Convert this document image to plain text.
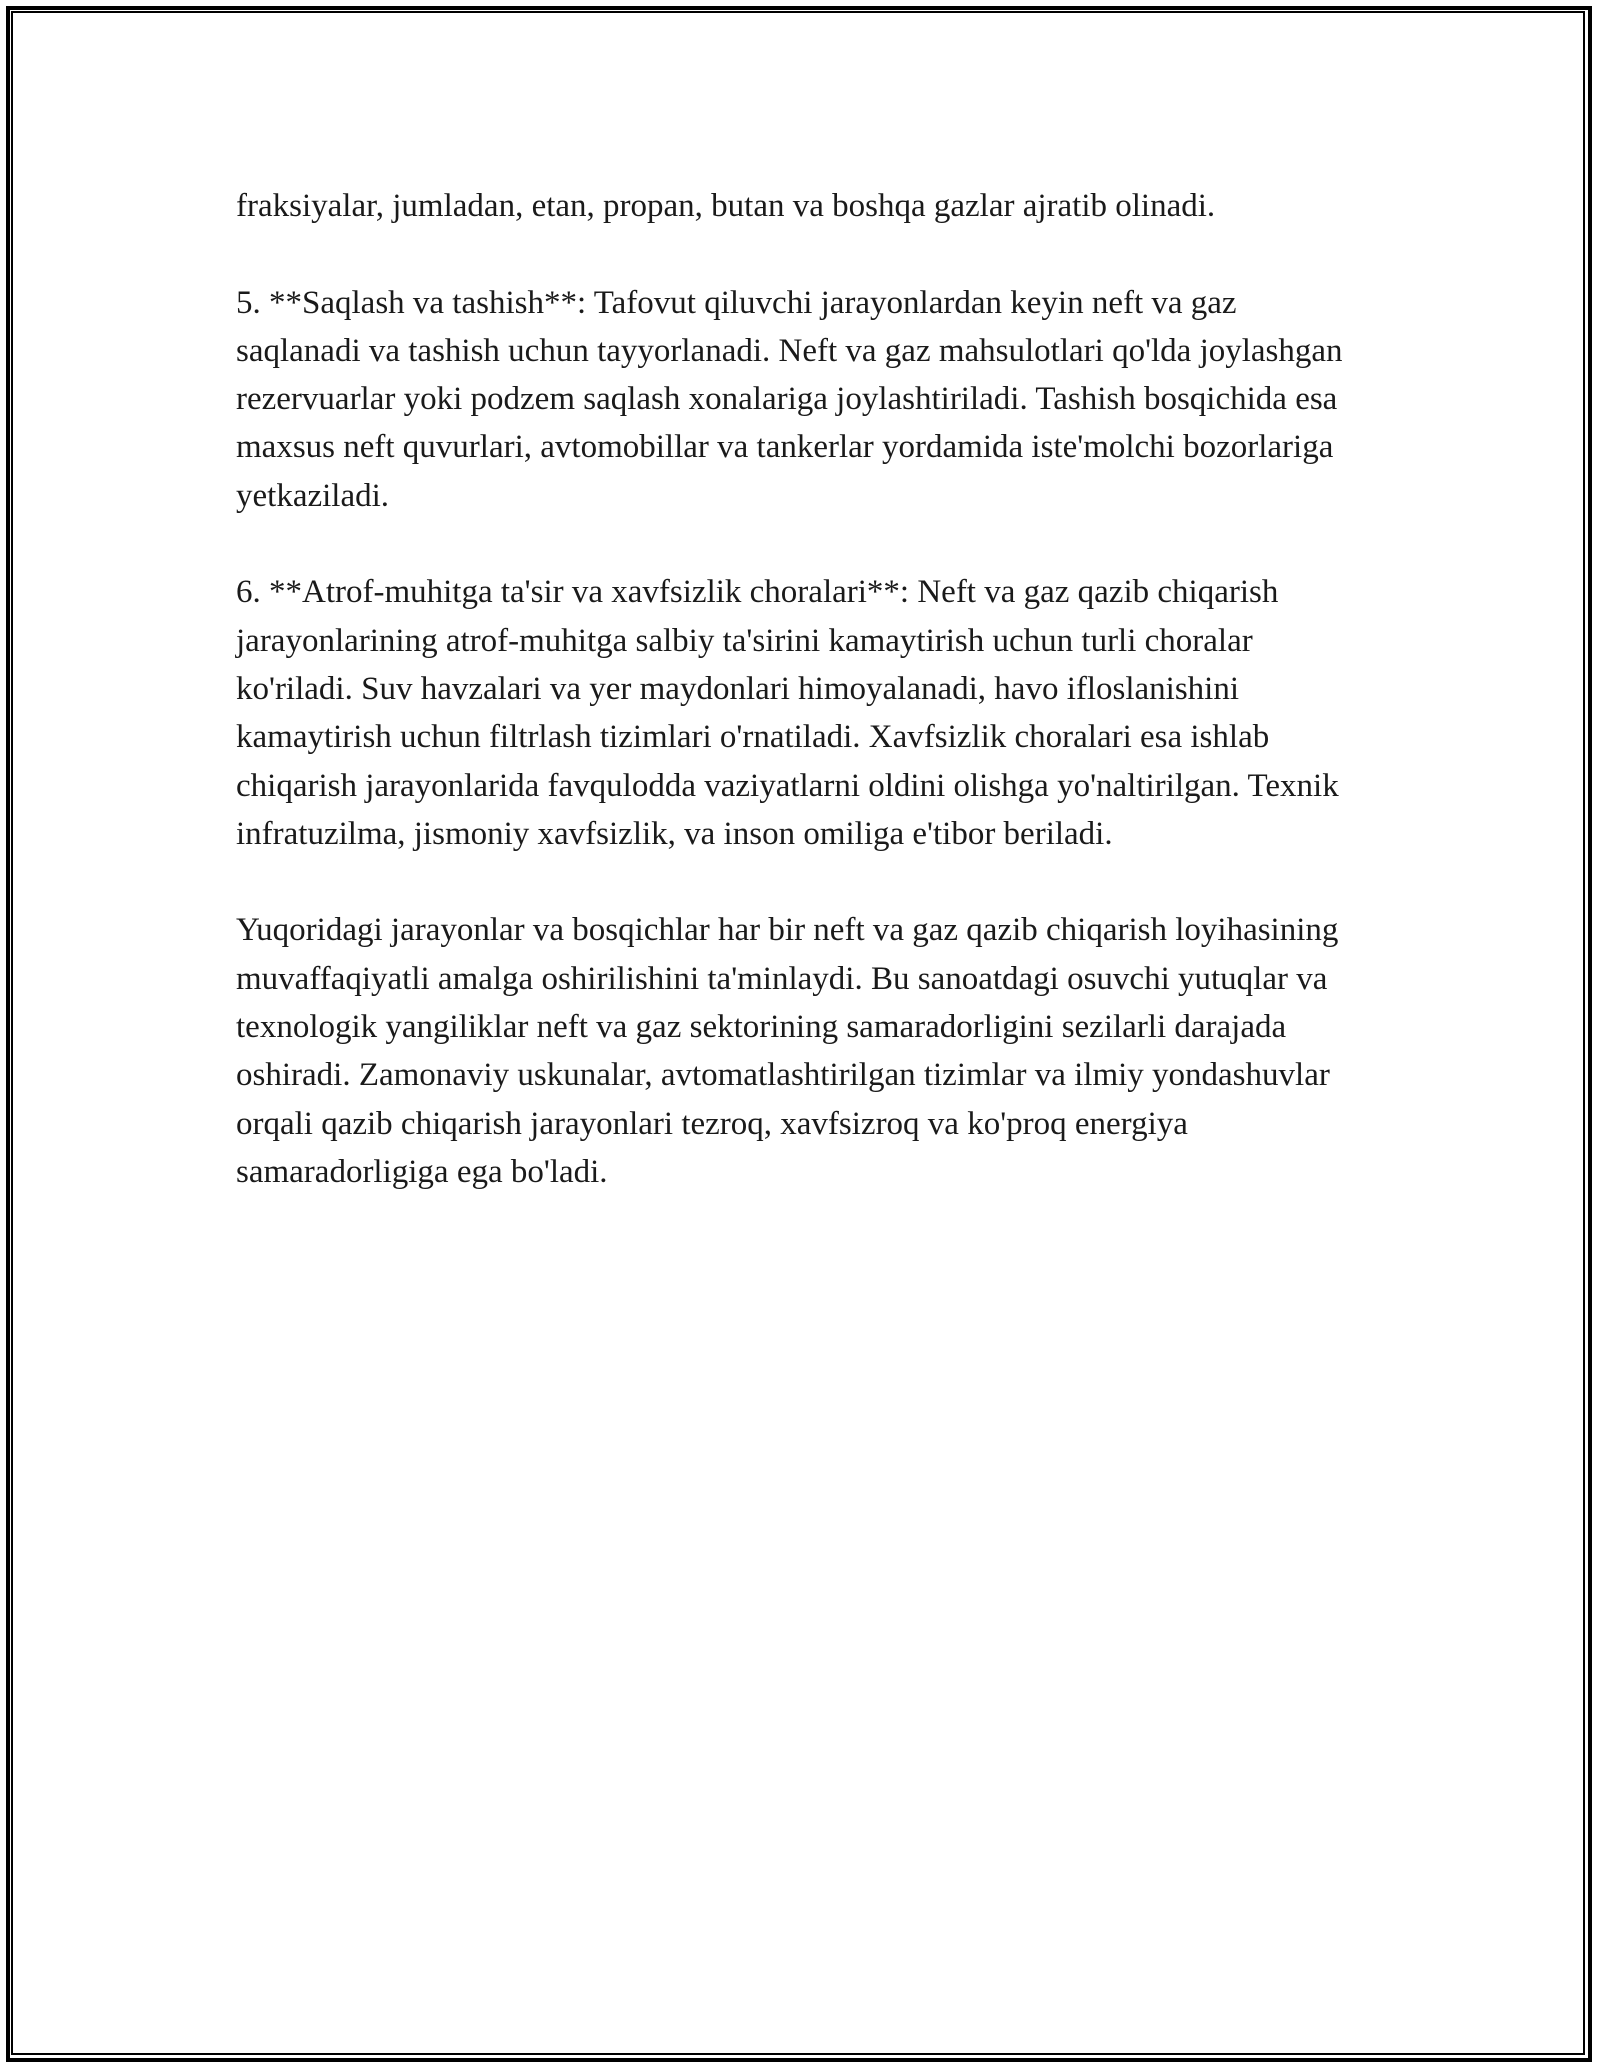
fraksiyalar, jumladan, etan, propan, butan va boshqa gazlar ajratib olinadi.

5. **Saqlash va tashish**: Tafovut qiluvchi jarayonlardan keyin neft va gaz saqlanadi va tashish uchun tayyorlanadi. Neft va gaz mahsulotlari qo'lda joylashgan rezervuarlar yoki podzem saqlash xonalariga joylashtiriladi. Tashish bosqichida esa maxsus neft quvurlari, avtomobillar va tankerlar yordamida iste'molchi bozorlariga yetkaziladi.

6. **Atrof-muhitga ta'sir va xavfsizlik choralari**: Neft va gaz qazib chiqarish jarayonlarining atrof-muhitga salbiy ta'sirini kamaytirish uchun turli choralar ko'riladi. Suv havzalari va yer maydonlari himoyalanadi, havo ifloslanishini kamaytirish uchun filtrlash tizimlari o'rnatiladi. Xavfsizlik choralari esa ishlab chiqarish jarayonlarida favqulodda vaziyatlarni oldini olishga yo'naltirilgan. Texnik infratuzilma, jismoniy xavfsizlik, va inson omiliga e'tibor beriladi.

Yuqoridagi jarayonlar va bosqichlar har bir neft va gaz qazib chiqarish loyihasining muvaffaqiyatli amalga oshirilishini ta'minlaydi. Bu sanoatdagi osuvchi yutuqlar va texnologik yangiliklar neft va gaz sektorining samaradorligini sezilarli darajada oshiradi. Zamonaviy uskunalar, avtomatlashtirilgan tizimlar va ilmiy yondashuvlar orqali qazib chiqarish jarayonlari tezroq, xavfsizroq va ko'proq energiya samaradorligiga ega bo'ladi.
